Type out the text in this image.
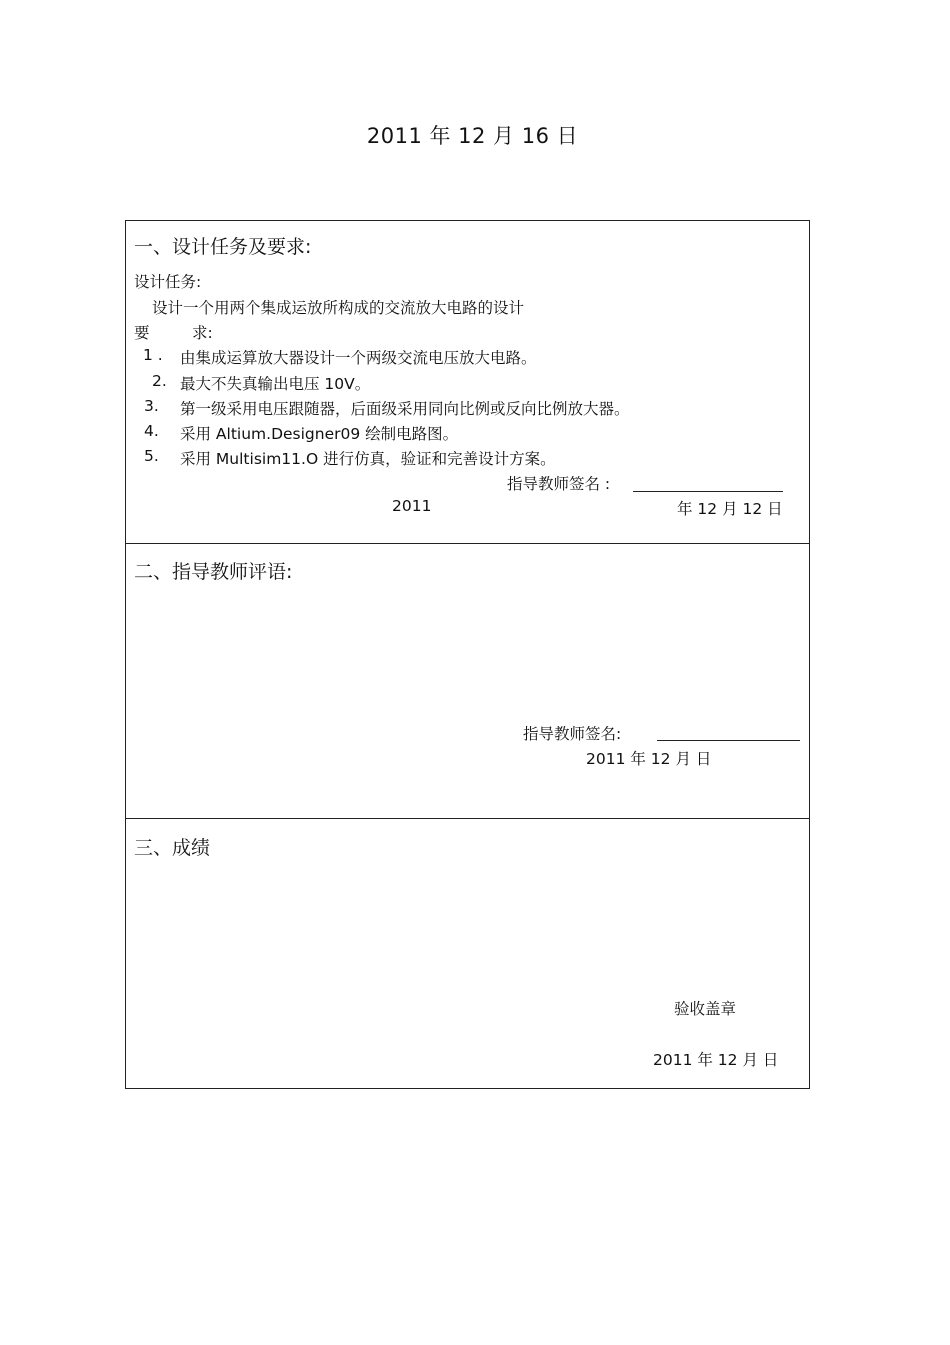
2011 年 12 月 16 日
一、设计任务及要求:
设计任务:
设计一个用两个集成运放所构成的交流放大电路的设计
要	求:
1 . 由集成运算放大器设计一个两级交流电压放大电路。
2. 最大不失真输出电压 10V。
3. 第一级采用电压跟随器，后面级采用同向比例或反向比例放大器。
4. 采用 Altium.Designer09 绘制电路图。
5. 采用 Multisim11.O 进行仿真，验证和完善设计方案。
指导教师签名 :
2011	年 12 月 12 日
二、指导教师评语:
指导教师签名:
2011 年 12 月 日
三、成绩
验收盖章
2011 年 12 月 日
